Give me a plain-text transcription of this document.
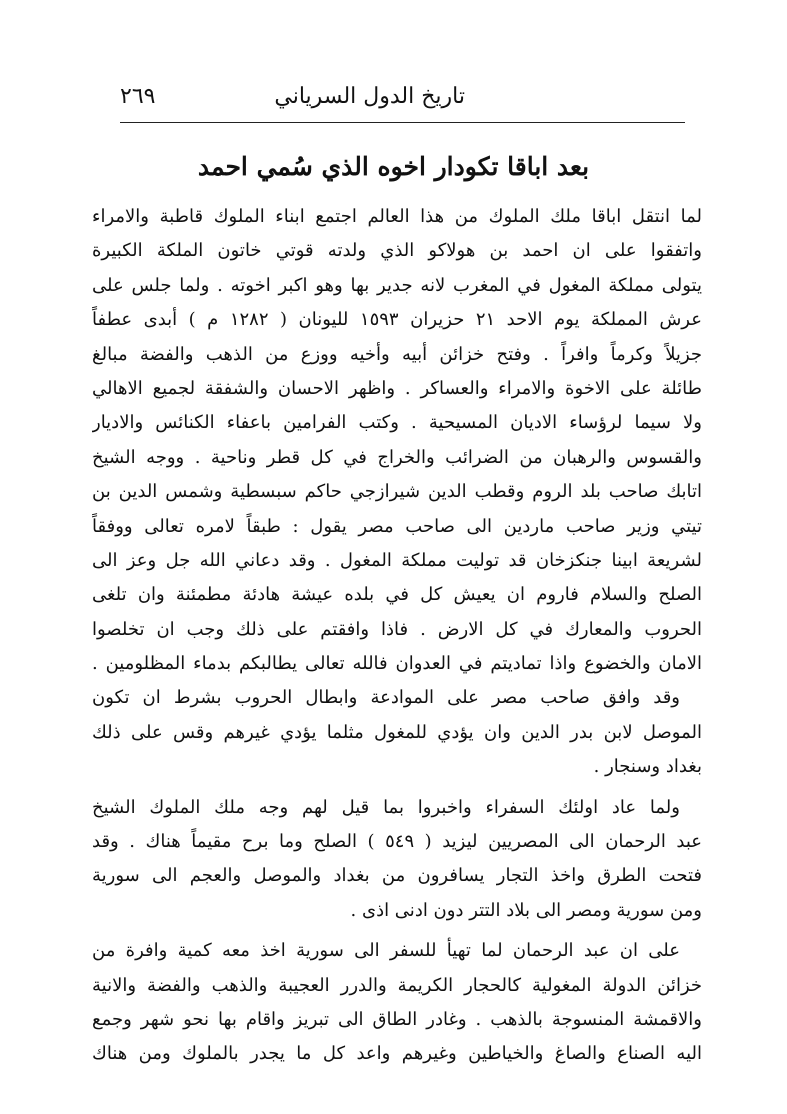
تاريخ الدول السرياني
٢٦٩
بعد اباقا تكودار اخوه الذي سُمي احمد
لما انتقل اباقا ملك الملوك من هذا العالم اجتمع ابناء الملوك قاطبة والامراء
واتفقوا على ان احمد بن هولاكو الذي ولدته قوتي خاتون الملكة الكبيرة
يتولى مملكة المغول في المغرب لانه جدير بها وهو اكبر اخوته . ولما جلس على
عرش المملكة يوم الاحد ٢١ حزيران ١٥٩٣ لليونان ( ١٢٨٢ م ) أبدى عطفاً
جزيلاً وكرماً وافراً . وفتح خزائن أبيه وأخيه ووزع من الذهب والفضة مبالغ
طائلة على الاخوة والامراء والعساكر . واظهر الاحسان والشفقة لجميع الاهالي
ولا سيما لرؤساء الاديان المسيحية . وكتب الفرامين باعفاء الكنائس والاديار
والقسوس والرهبان من الضرائب والخراج في كل قطر وناحية . ووجه الشيخ
اتابك صاحب بلد الروم وقطب الدين شيرازجي حاكم سبسطية وشمس الدين بن
تيتي وزير صاحب ماردين الى صاحب مصر يقول : طبقاً لامره تعالى ووفقاً
لشريعة ابينا جنكزخان قد توليت مملكة المغول . وقد دعاني الله جل وعز الى
الصلح والسلام فاروم ان يعيش كل في بلده عيشة هادئة مطمئنة وان تلغى
الحروب والمعارك في كل الارض . فاذا وافقتم على ذلك وجب ان تخلصوا
الامان والخضوع واذا تماديتم في العدوان فالله تعالى يطالبكم بدماء المظلومين .
وقد وافق صاحب مصر على الموادعة وابطال الحروب بشرط ان تكون
الموصل لابن بدر الدين وان يؤدي للمغول مثلما يؤدي غيرهم وقس على ذلك
بغداد وسنجار .
ولما عاد اولئك السفراء واخبروا بما قيل لهم وجه ملك الملوك الشيخ
عبد الرحمان الى المصريين ليزيد ( ٥٤٩ ) الصلح وما برح مقيماً هناك . وقد
فتحت الطرق واخذ التجار يسافرون من بغداد والموصل والعجم الى سورية
ومن سورية ومصر الى بلاد التتر دون ادنى اذى .
على ان عبد الرحمان لما تهيأ للسفر الى سورية اخذ معه كمية وافرة من
خزائن الدولة المغولية كالحجار الكريمة والدرر العجيبة والذهب والفضة والانية
والاقمشة المنسوجة بالذهب . وغادر الطاق الى تبريز واقام بها نحو شهر وجمع
اليه الصناع والصاغ والخياطين وغيرهم واعد كل ما يجدر بالملوك ومن هناك
